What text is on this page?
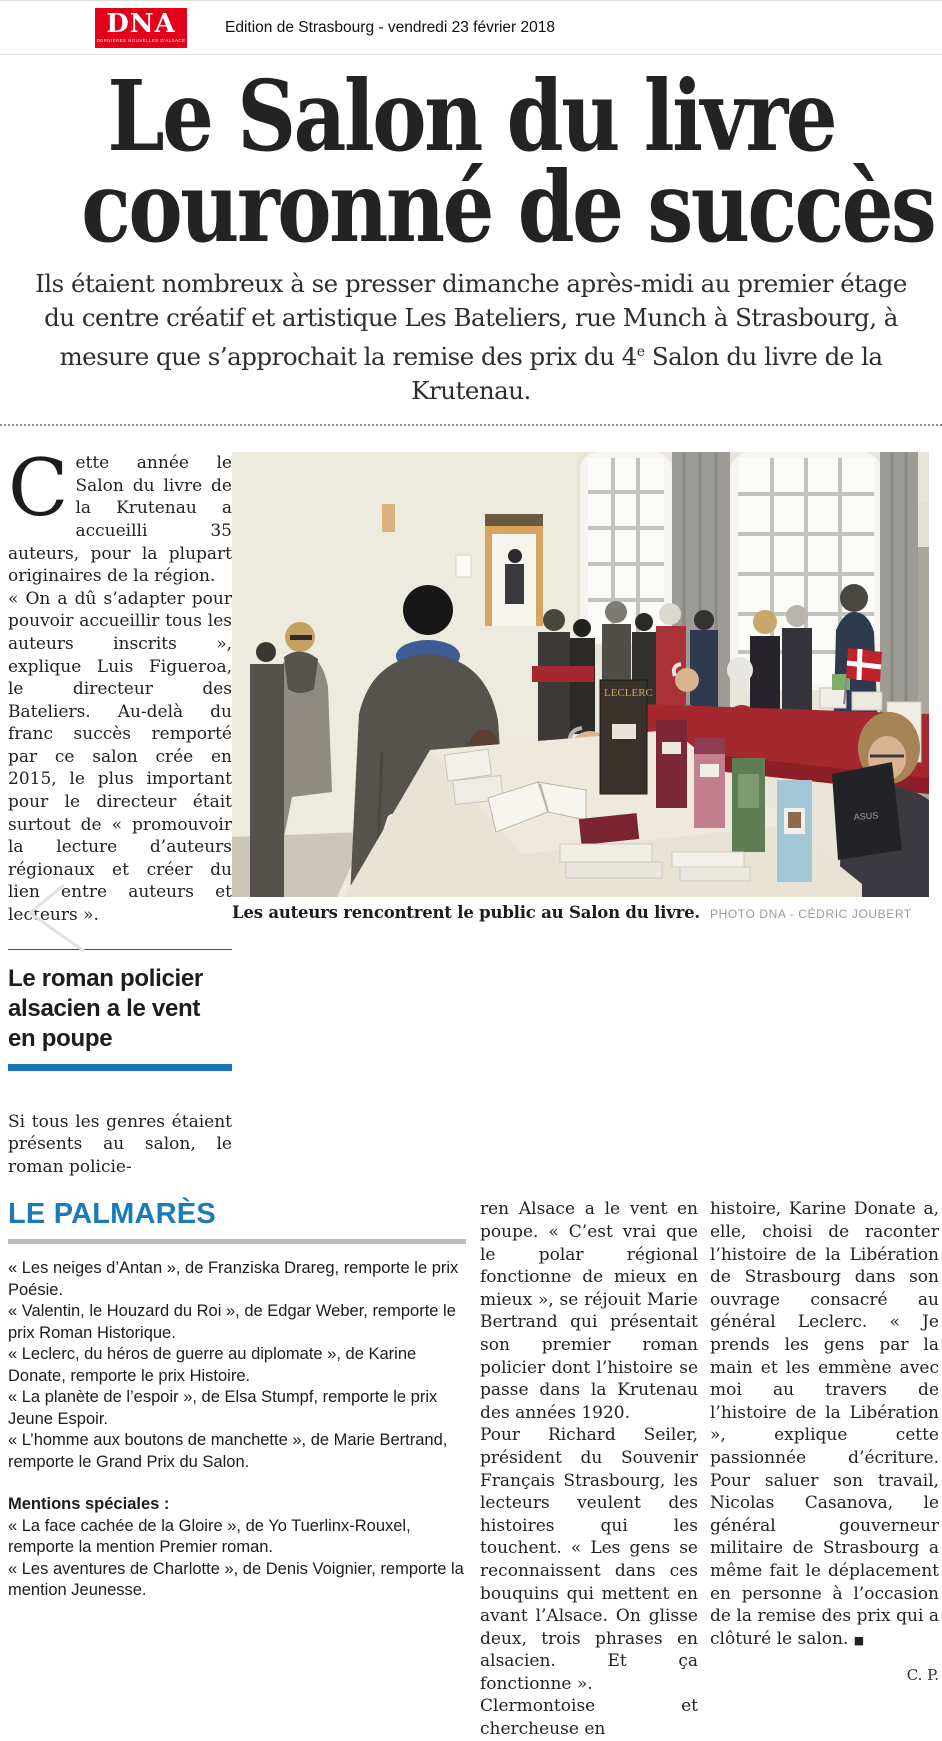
DNA
DERNIÈRES NOUVELLES D'ALSACE
Edition de Strasbourg - vendredi 23 février 2018
Le Salon du livre
couronné de succès

Ils étaient nombreux à se presser dimanche après-midi au premier étage du centre créatif et artistique Les Bateliers, rue Munch à Strasbourg, à mesure que s’approchait la remise des prix du 4e Salon du livre de la Krutenau.

Cette année le Salon du livre de la Krutenau a accueilli 35 auteurs, pour la plupart originaires de la région.

« On a dû s’adapter pour pouvoir accueillir tous les auteurs inscrits », explique Luis Figueroa, le directeur des Bateliers. Au-delà du franc succès remporté par ce salon crée en 2015, le plus important pour le directeur était surtout de « promouvoir la lecture d’auteurs régionaux et créer du lien entre auteurs et lecteurs ».

Le roman policier alsacien a le vent en poupe

Si tous les genres étaient présents au salon, le roman policie-

ASUS
LECLERC
Les auteurs rencontrent le public au Salon du livre. PHOTO DNA - CÉDRIC JOUBERT
LE PALMARÈS

« Les neiges d’Antan », de Franziska Drareg, remporte le prix Poésie.

« Valentin, le Houzard du Roi », de Edgar Weber, remporte le prix Roman Historique.

« Leclerc, du héros de guerre au diplomate », de Karine Donate, remporte le prix Histoire.

« La planète de l’espoir », de Elsa Stumpf, remporte le prix Jeune Espoir.

« L’homme aux boutons de manchette », de Marie Bertrand, remporte le Grand Prix du Salon.

Mentions spéciales :

« La face cachée de la Gloire », de Yo Tuerlinx-Rouxel, remporte la mention Premier roman.

« Les aventures de Charlotte », de Denis Voignier, remporte la mention Jeunesse.

ren Alsace a le vent en poupe. « C’est vrai que le polar régional fonctionne de mieux en mieux », se réjouit Marie Bertrand qui présentait son premier roman policier dont l’histoire se passe dans la Krutenau des années 1920.

Pour Richard Seiler, président du Souvenir Français Strasbourg, les lecteurs veulent des histoires qui les touchent. « Les gens se reconnaissent dans ces bouquins qui mettent en avant l’Alsace. On glisse deux, trois phrases en alsacien. Et ça fonctionne ».

Clermontoise et chercheuse en

histoire, Karine Donate a, elle, choisi de raconter l’histoire de la Libération de Strasbourg dans son ouvrage consacré au général Leclerc. « Je prends les gens par la main et les emmène avec moi au travers de l’histoire de la Libération », explique cette passionnée d’écriture. Pour saluer son travail, Nicolas Casanova, le général gouverneur militaire de Strasbourg a même fait le déplacement en personne à l’occasion de la remise des prix qui a clôturé le salon. ■

C. P.
